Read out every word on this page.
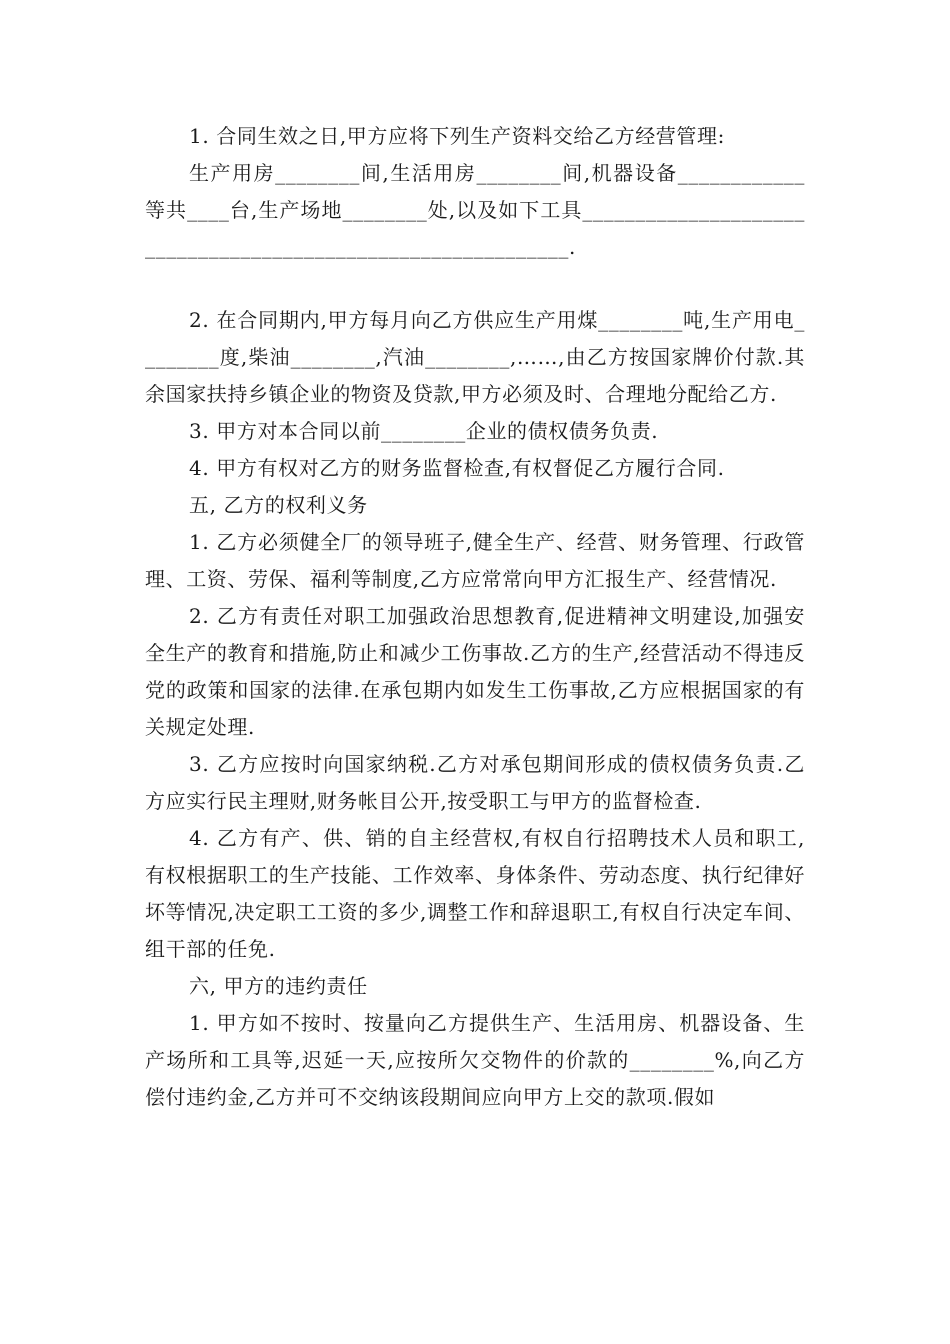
1. 合同生效之日,甲方应将下列生产资料交给乙方经营管理:

生产用房________间,生活用房________间,机器设备____________等共____台,生产场地________处,以及如下工具_____________________________________________________________.

2. 在合同期内,甲方每月向乙方供应生产用煤________吨,生产用电________度,柴油________,汽油________,……,由乙方按国家牌价付款.其余国家扶持乡镇企业的物资及贷款,甲方必须及时、合理地分配给乙方.

3. 甲方对本合同以前________企业的债权债务负责.

4. 甲方有权对乙方的财务监督检查,有权督促乙方履行合同.

五, 乙方的权利义务

1. 乙方必须健全厂的领导班子,健全生产、经营、财务管理、行政管理、工资、劳保、福利等制度,乙方应常常向甲方汇报生产、经营情况.

2. 乙方有责任对职工加强政治思想教育,促进精神文明建设,加强安全生产的教育和措施,防止和减少工伤事故.乙方的生产,经营活动不得违反党的政策和国家的法律.在承包期内如发生工伤事故,乙方应根据国家的有关规定处理.

3. 乙方应按时向国家纳税.乙方对承包期间形成的债权债务负责.乙方应实行民主理财,财务帐目公开,按受职工与甲方的监督检查.

4. 乙方有产、供、销的自主经营权,有权自行招聘技术人员和职工,有权根据职工的生产技能、工作效率、身体条件、劳动态度、执行纪律好坏等情况,决定职工工资的多少,调整工作和辞退职工,有权自行决定车间、组干部的任免.

六, 甲方的违约责任

1. 甲方如不按时、按量向乙方提供生产、生活用房、机器设备、生产场所和工具等,迟延一天,应按所欠交物件的价款的________%,向乙方偿付违约金,乙方并可不交纳该段期间应向甲方上交的款项.假如
